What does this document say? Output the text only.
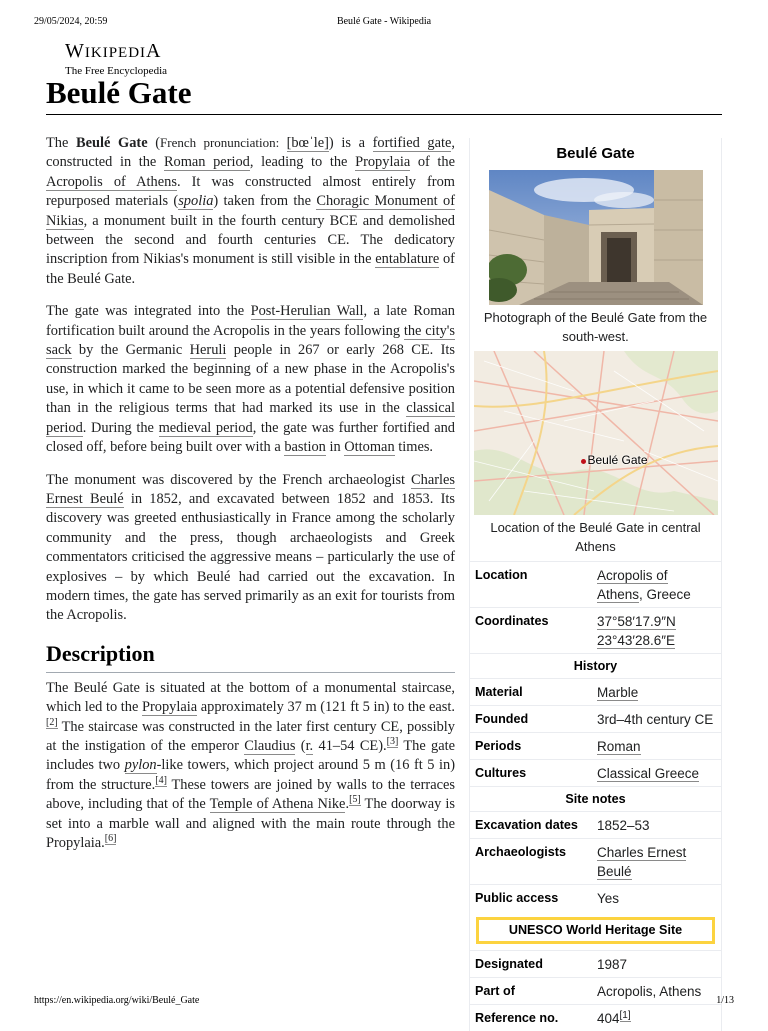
29/05/2024, 20:59	Beulé Gate - Wikipedia
WIKIPEDIA
The Free Encyclopedia
Beulé Gate

The Beulé Gate (French pronunciation: [bœˈle]) is a fortified gate, constructed in the Roman period, leading to the Propylaia of the Acropolis of Athens. It was constructed almost entirely from repurposed materials (spolia) taken from the Choragic Monument of Nikias, a monument built in the fourth century BCE and demolished between the second and fourth centuries CE. The dedicatory inscription from Nikias's monument is still visible in the entablature of the Beulé Gate.

The gate was integrated into the Post-Herulian Wall, a late Roman fortification built around the Acropolis in the years following the city's sack by the Germanic Heruli people in 267 or early 268 CE. Its construction marked the beginning of a new phase in the Acropolis's use, in which it came to be seen more as a potential defensive position than in the religious terms that had marked its use in the classical period. During the medieval period, the gate was further fortified and closed off, before being built over with a bastion in Ottoman times.

The monument was discovered by the French archaeologist Charles Ernest Beulé in 1852, and excavated between 1852 and 1853. Its discovery was greeted enthusiastically in France among the scholarly community and the press, though archaeologists and Greek commentators criticised the aggressive means – particularly the use of explosives – by which Beulé had carried out the excavation. In modern times, the gate has served primarily as an exit for tourists from the Acropolis.

Description

The Beulé Gate is situated at the bottom of a monumental staircase, which led to the Propylaia approximately 37 m (121 ft 5 in) to the east.[2] The staircase was constructed in the later first century CE, possibly at the instigation of the emperor Claudius (r. 41–54 CE).[3] The gate includes two pylon-like towers, which project around 5 m (16 ft 5 in) from the structure.[4] These towers are joined by walls to the terraces above, including that of the Temple of Athena Nike.[5] The doorway is set into a marble wall and aligned with the main route through the Propylaia.[6]

Beulé Gate
Photograph of the Beulé Gate from the south-west.
Beulé Gate
Location of the Beulé Gate in central Athens
Location	Acropolis of Athens, Greece
Coordinates	37°58′17.9″N
23°43′28.6″E
History
Material	Marble
Founded	3rd–4th century CE
Periods	Roman
Cultures	Classical Greece
Site notes
Excavation dates	1852–53
Archaeologists	Charles Ernest Beulé
Public access	Yes
UNESCO World Heritage Site
Designated	1987
Part of	Acropolis, Athens
Reference no.	404[1]
https://en.wikipedia.org/wiki/Beulé_Gate	1/13
